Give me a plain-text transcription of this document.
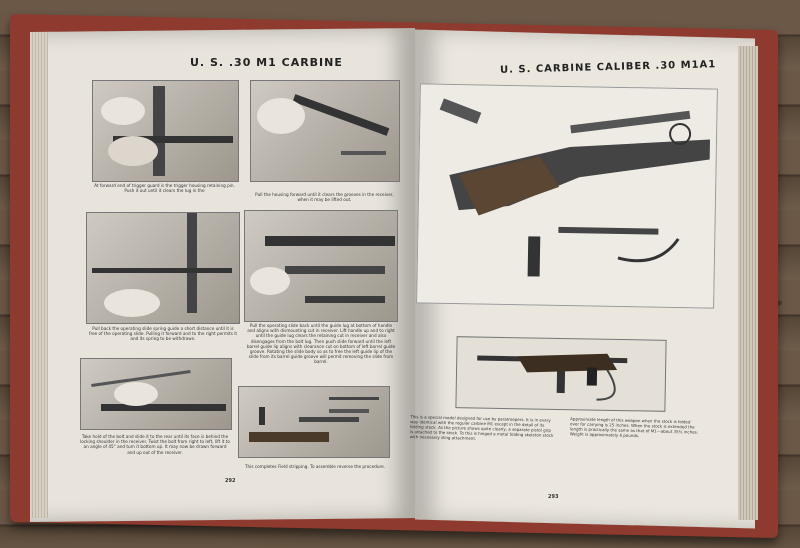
U. S. .30 M1 CARBINE
At forward end of trigger guard is the trigger housing retaining pin. Push it out until it clears the lug in the
Pull the housing forward until it clears the grooves in the receiver, when it may be lifted out.
Pull back the operating slide spring guide a short distance until it is free of the operating slide. Pulling it forward and to the right permits it and its spring to be withdrawn.
Pull the operating slide back until the guide lug at bottom of handle and aligns with dismounting cut in receiver. Lift handle up and to right until the guide lug clears the retaining cut in receiver and also disengages from the bolt lug. Then push slide forward until the left barrel guide lip aligns with clearance cut on bottom of left barrel guide groove. Rotating the slide body so as to free the left guide lip of the slide from its barrel guide groove will permit removing the slide from barrel.
Take hold of the bolt and slide it to the rear until its face is behind the locking shoulder in the receiver. Twist the bolt from right to left, lift it to an angle of 45° and turn it bottom up. It may now be drawn forward and up out of the receiver.
This completes Field stripping. To assemble reverse the procedure.
292
U. S. CARBINE CALIBER .30 M1A1
This is a special model designed for use by paratroopers. It is in every way identical with the regular carbine M1 except in the detail of its folding stock. As the picture shows quite clearly, a separate pistol grip is attached to the stock. To this is hinged a metal folding skeleton stock with necessary sling attachment.
Approximate length of this weapon when the stock is folded over for carrying is 25 inches. When the stock is extended the length is practically the same as that of M1—about 35½ inches. Weight is approximately 6 pounds.
293
